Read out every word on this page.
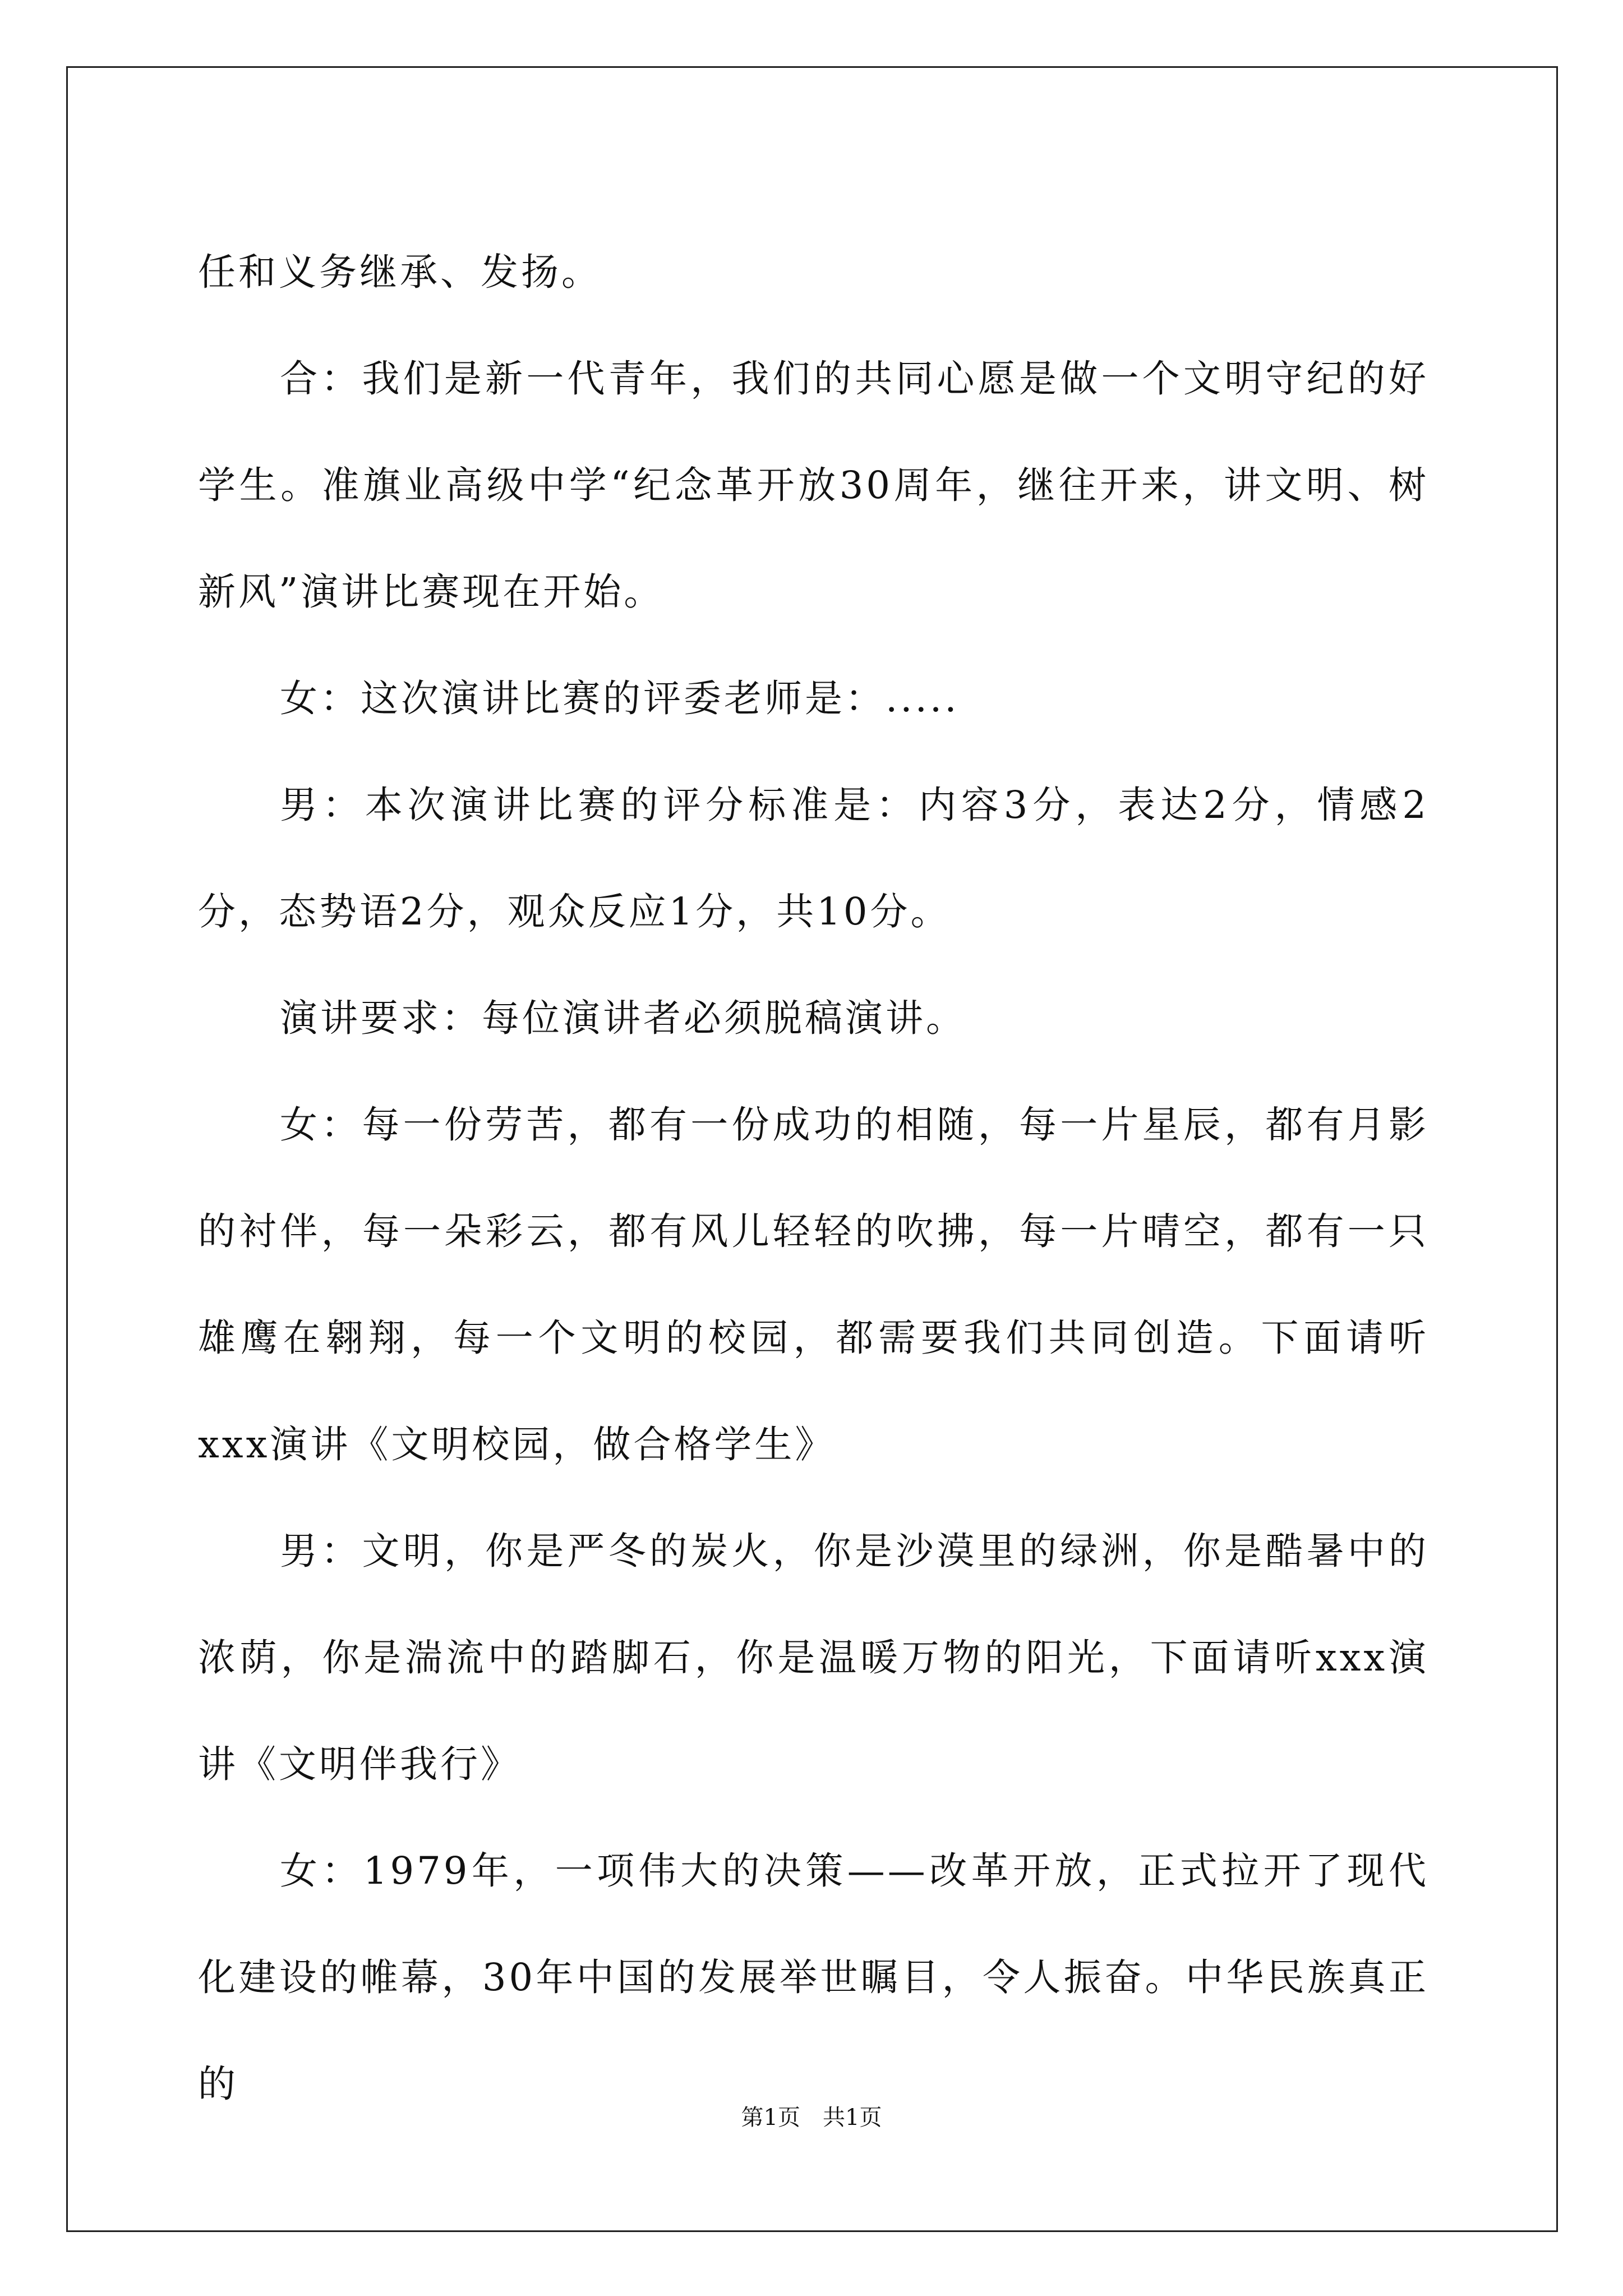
任和义务继承、发扬。

合：我们是新一代青年，我们的共同心愿是做一个文明守纪的好学生。准旗业高级中学“纪念革开放30周年，继往开来，讲文明、树新风”演讲比赛现在开始。

女：这次演讲比赛的评委老师是：.....

男：本次演讲比赛的评分标准是：内容3分，表达2分，情感2分，态势语2分，观众反应1分，共10分。

演讲要求：每位演讲者必须脱稿演讲。

女：每一份劳苦，都有一份成功的相随，每一片星辰，都有月影的衬伴，每一朵彩云，都有风儿轻轻的吹拂，每一片晴空，都有一只雄鹰在翱翔，每一个文明的校园，都需要我们共同创造。下面请听xxx演讲《文明校园，做合格学生》

男：文明，你是严冬的炭火，你是沙漠里的绿洲，你是酷暑中的浓荫，你是湍流中的踏脚石，你是温暖万物的阳光，下面请听xxx演讲《文明伴我行》

女：1979年，一项伟大的决策——改革开放，正式拉开了现代化建设的帷幕，30年中国的发展举世瞩目，令人振奋。中华民族真正的

第1页　共1页
